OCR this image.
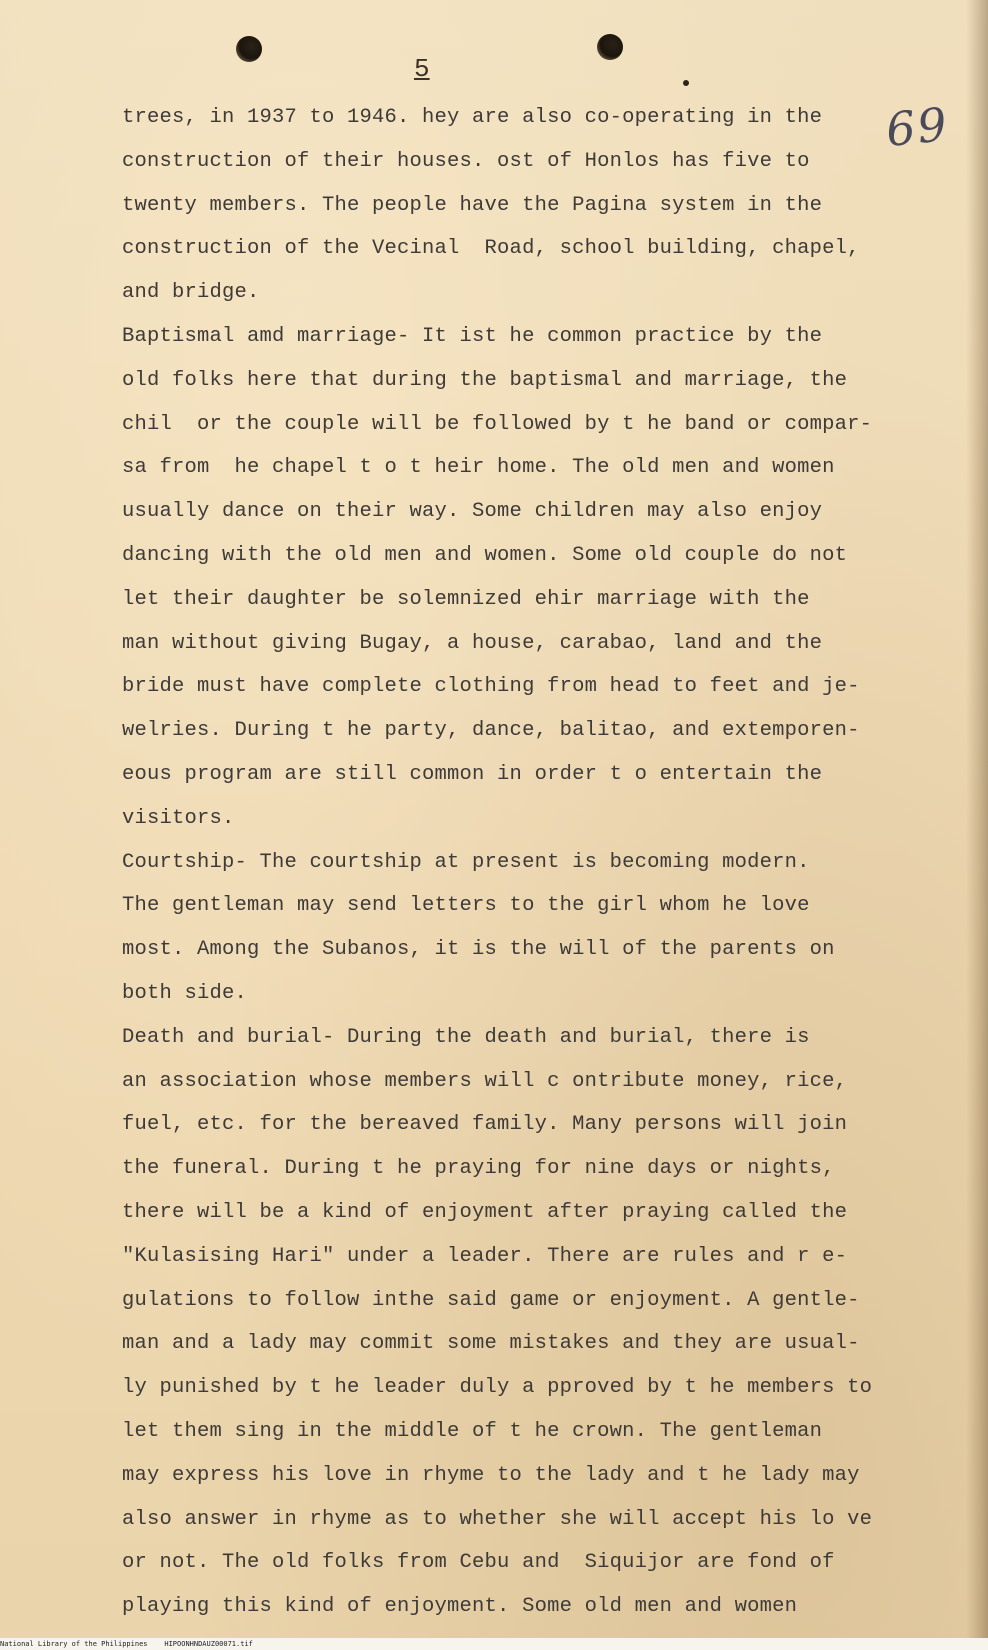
5
69
trees, in 1937 to 1946. hey are also co-operating in the
construction of their houses. ost of Honlos has five to
twenty members. The people have the Pagina system in the
construction of the Vecinal  Road, school building, chapel,
and bridge.
Baptismal amd marriage- It ist he common practice by the
old folks here that during the baptismal and marriage, the
chil  or the couple will be followed by t he band or compar-
sa from  he chapel t o t heir home. The old men and women
usually dance on their way. Some children may also enjoy
dancing with the old men and women. Some old couple do not
let their daughter be solemnized ehir marriage with the
man without giving Bugay, a house, carabao, land and the
bride must have complete clothing from head to feet and je-
welries. During t he party, dance, balitao, and extemporen-
eous program are still common in order t o entertain the
visitors.
Courtship- The courtship at present is becoming modern.
The gentleman may send letters to the girl whom he love
most. Among the Subanos, it is the will of the parents on
both side.
Death and burial- During the death and burial, there is
an association whose members will c ontribute money, rice,
fuel, etc. for the bereaved family. Many persons will join
the funeral. During t he praying for nine days or nights,
there will be a kind of enjoyment after praying called the
"Kulasising Hari" under a leader. There are rules and r e-
gulations to follow inthe said game or enjoyment. A gentle-
man and a lady may commit some mistakes and they are usual-
ly punished by t he leader duly a pproved by t he members to
let them sing in the middle of t he crown. The gentleman
may express his love in rhyme to the lady and t he lady may
also answer in rhyme as to whether she will accept his lo ve
or not. The old folks from Cebu and  Siquijor are fond of
playing this kind of enjoyment. Some old men and women
National Library of the Philippines HIPOONHNDAUZ00071.tif
